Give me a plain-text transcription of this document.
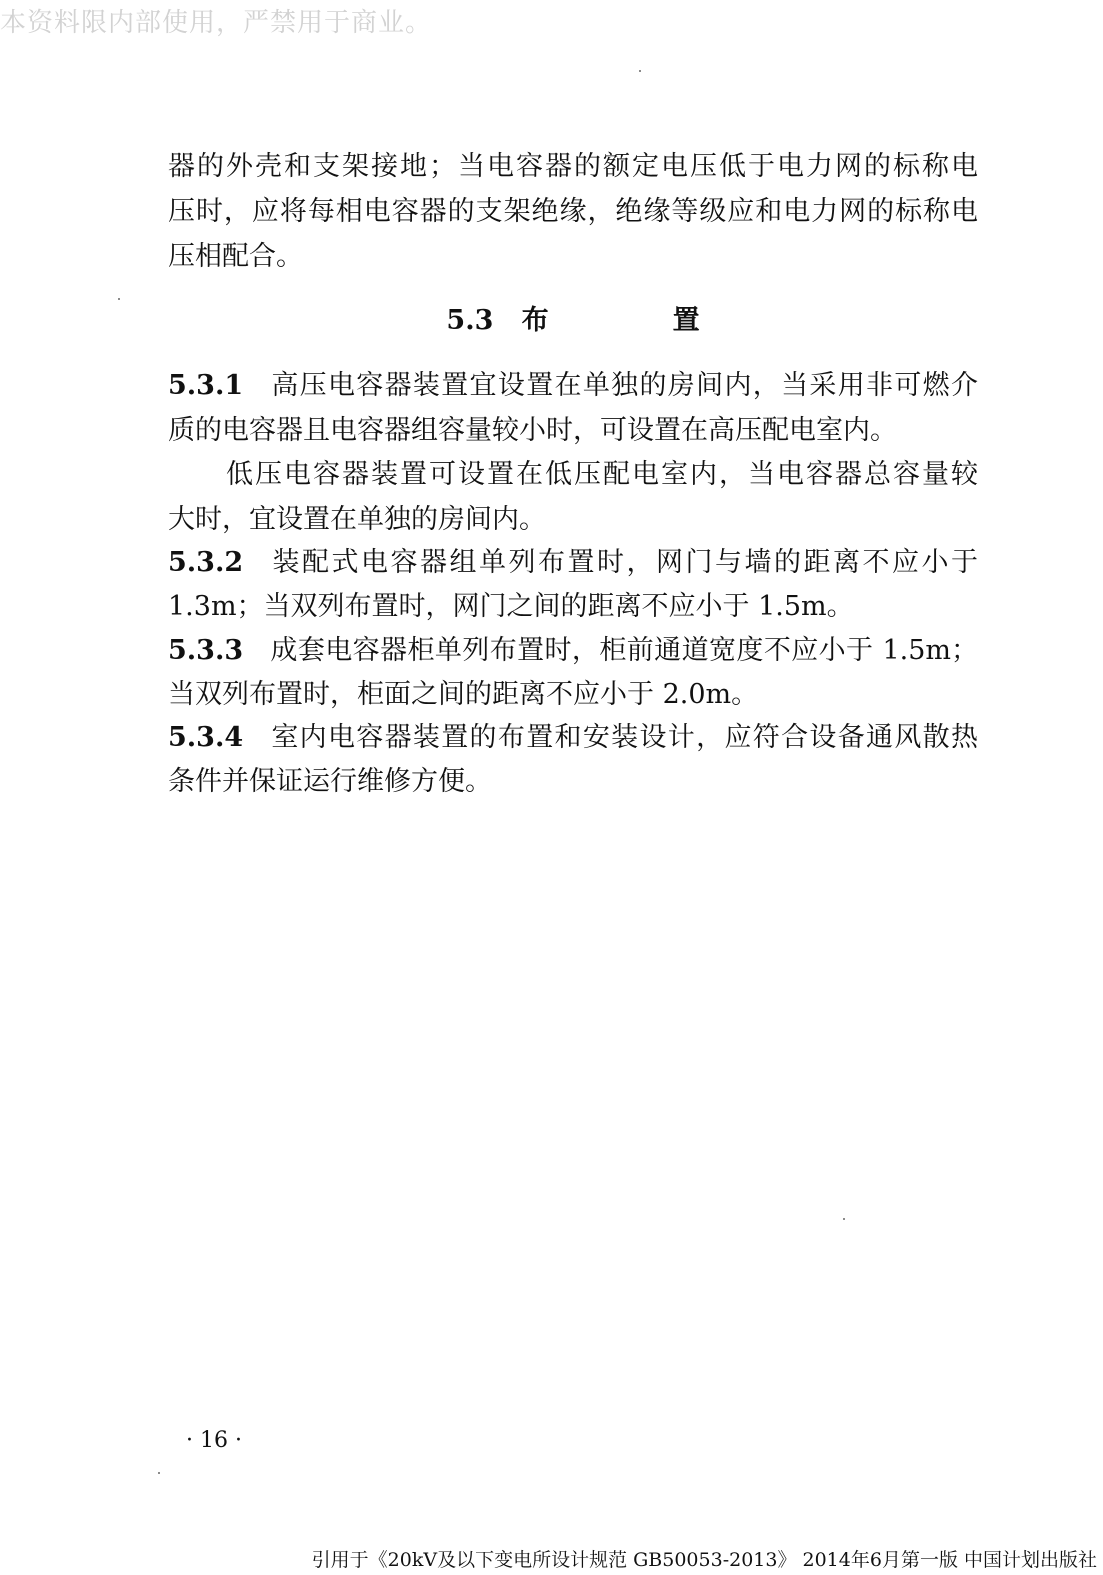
本资料限内部使用，严禁用于商业。
器的外壳和支架接地；当电容器的额定电压低于电力网的标称电
压时，应将每相电容器的支架绝缘，绝缘等级应和电力网的标称电
压相配合。
5.3.1 高压电容器装置宜设置在单独的房间内，当采用非可燃介
质的电容器且电容器组容量较小时，可设置在高压配电室内。
低压电容器装置可设置在低压配电室内，当电容器总容量较
大时，宜设置在单独的房间内。
5.3.2 装配式电容器组单列布置时，网门与墙的距离不应小于
1.3m；当双列布置时，网门之间的距离不应小于 1.5m。
5.3.3 成套电容器柜单列布置时，柜前通道宽度不应小于 1.5m；
当双列布置时，柜面之间的距离不应小于 2.0m。
5.3.4 室内电容器装置的布置和安装设计，应符合设备通风散热
条件并保证运行维修方便。
5.3 布　置
· 16 ·
引用于《20kV及以下变电所设计规范 GB50053-2013》 2014年6月第一版 中国计划出版社
